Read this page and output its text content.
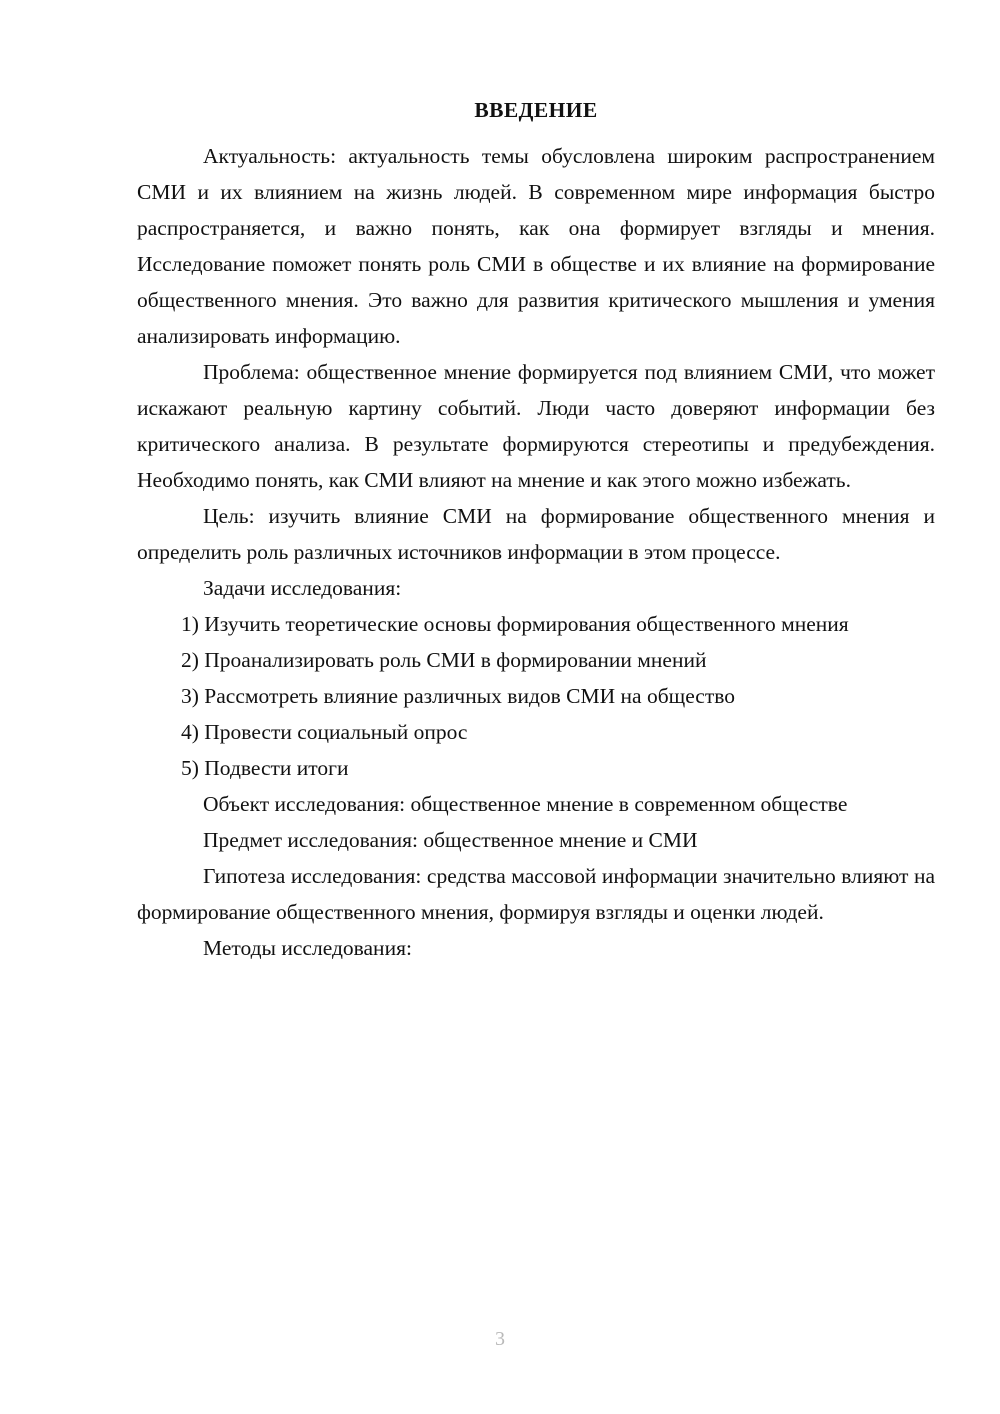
ВВЕДЕНИЕ

Актуальность: актуальность темы обусловлена широким распространением СМИ и их влиянием на жизнь людей. В современном мире информация быстро распространяется, и важно понять, как она формирует взгляды и мнения. Исследование поможет понять роль СМИ в обществе и их влияние на формирование общественного мнения. Это важно для развития критического мышления и умения анализировать информацию.

Проблема: общественное мнение формируется под влиянием СМИ, что может искажают реальную картину событий. Люди часто доверяют информации без критического анализа. В результате формируются стереотипы и предубеждения. Необходимо понять, как СМИ влияют на мнение и как этого можно избежать.

Цель: изучить влияние СМИ на формирование общественного мнения и определить роль различных источников информации в этом процессе.

Задачи исследования:

1) Изучить теоретические основы формирования общественного мнения

2) Проанализировать роль СМИ в формировании мнений

3) Рассмотреть влияние различных видов СМИ на общество

4) Провести социальный опрос

5) Подвести итоги

Объект исследования: общественное мнение в современном обществе

Предмет исследования: общественное мнение и СМИ

Гипотеза исследования: средства массовой информации значительно влияют на формирование общественного мнения, формируя взгляды и оценки людей.

Методы исследования:

3
